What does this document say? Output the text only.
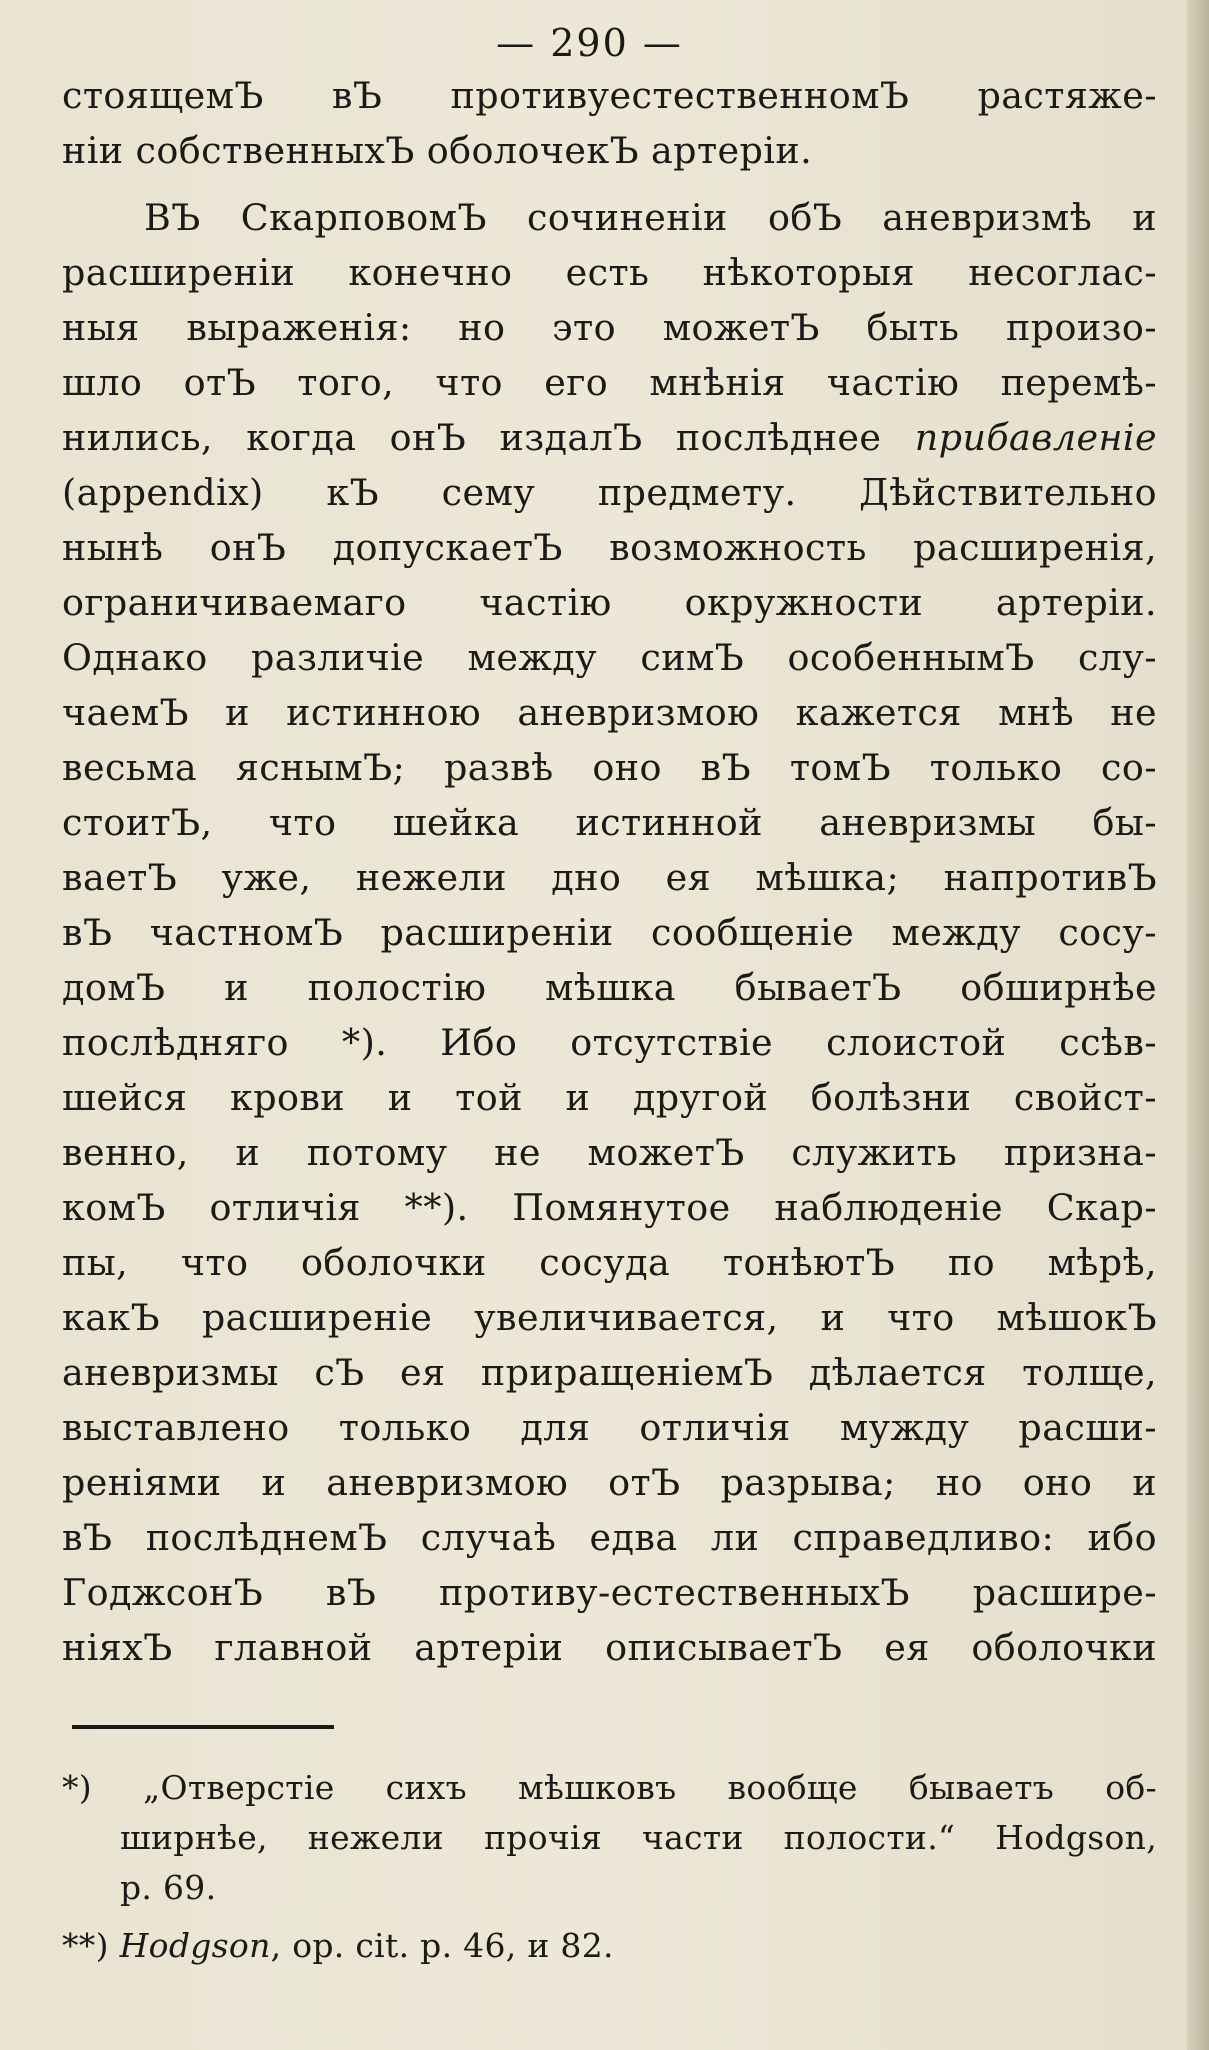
— 290 —
стоящемЪ вЪ противуестественномЪ растяже-
ніи собственныхЪ оболочекЪ артеріи.
ВЪ СкарповомЪ сочиненіи обЪ аневризмѣ и
расширеніи конечно есть нѣкоторыя несоглас-
ныя выраженія: но это можетЪ быть произо-
шло отЪ того, что его мнѣнія частію перемѣ-
нились, когда онЪ издалЪ послѣднее прибавленіе
(appendix) кЪ сему предмету. Дѣйствительно
нынѣ онЪ допускаетЪ возможность расширенія,
ограничиваемаго частію окружности артеріи.
Однако различіе между симЪ особеннымЪ слу-
чаемЪ и истинною аневризмою кажется мнѣ не
весьма яснымЪ; развѣ оно вЪ томЪ только со-
стоитЪ, что шейка истинной аневризмы бы-
ваетЪ уже, нежели дно ея мѣшка; напротивЪ
вЪ частномЪ расширеніи сообщеніе между сосу-
домЪ и полостію мѣшка бываетЪ обширнѣе
послѣдняго *). Ибо отсутствіе слоистой ссѣв-
шейся крови и той и другой болѣзни свойст-
венно, и потому не можетЪ служить призна-
комЪ отличія **). Помянутое наблюденіе Скар-
пы, что оболочки сосуда тонѣютЪ по мѣрѣ,
какЪ расширеніе увеличивается, и что мѣшокЪ
аневризмы сЪ ея приращеніемЪ дѣлается толще,
выставлено только для отличія мужду расши-
реніями и аневризмою отЪ разрыва; но оно и
вЪ послѣднемЪ случаѣ едва ли справедливо: ибо
ГоджсонЪ вЪ противу-естественныхЪ расшире-
ніяхЪ главной артеріи описываетЪ ея оболочки
*) „Отверстіе сихъ мѣшковъ вообще бываетъ об-
ширнѣе, нежели прочія части полости.“ Hodgson,
p. 69.
**) Hodgson, op. cit. p. 46, и 82.
